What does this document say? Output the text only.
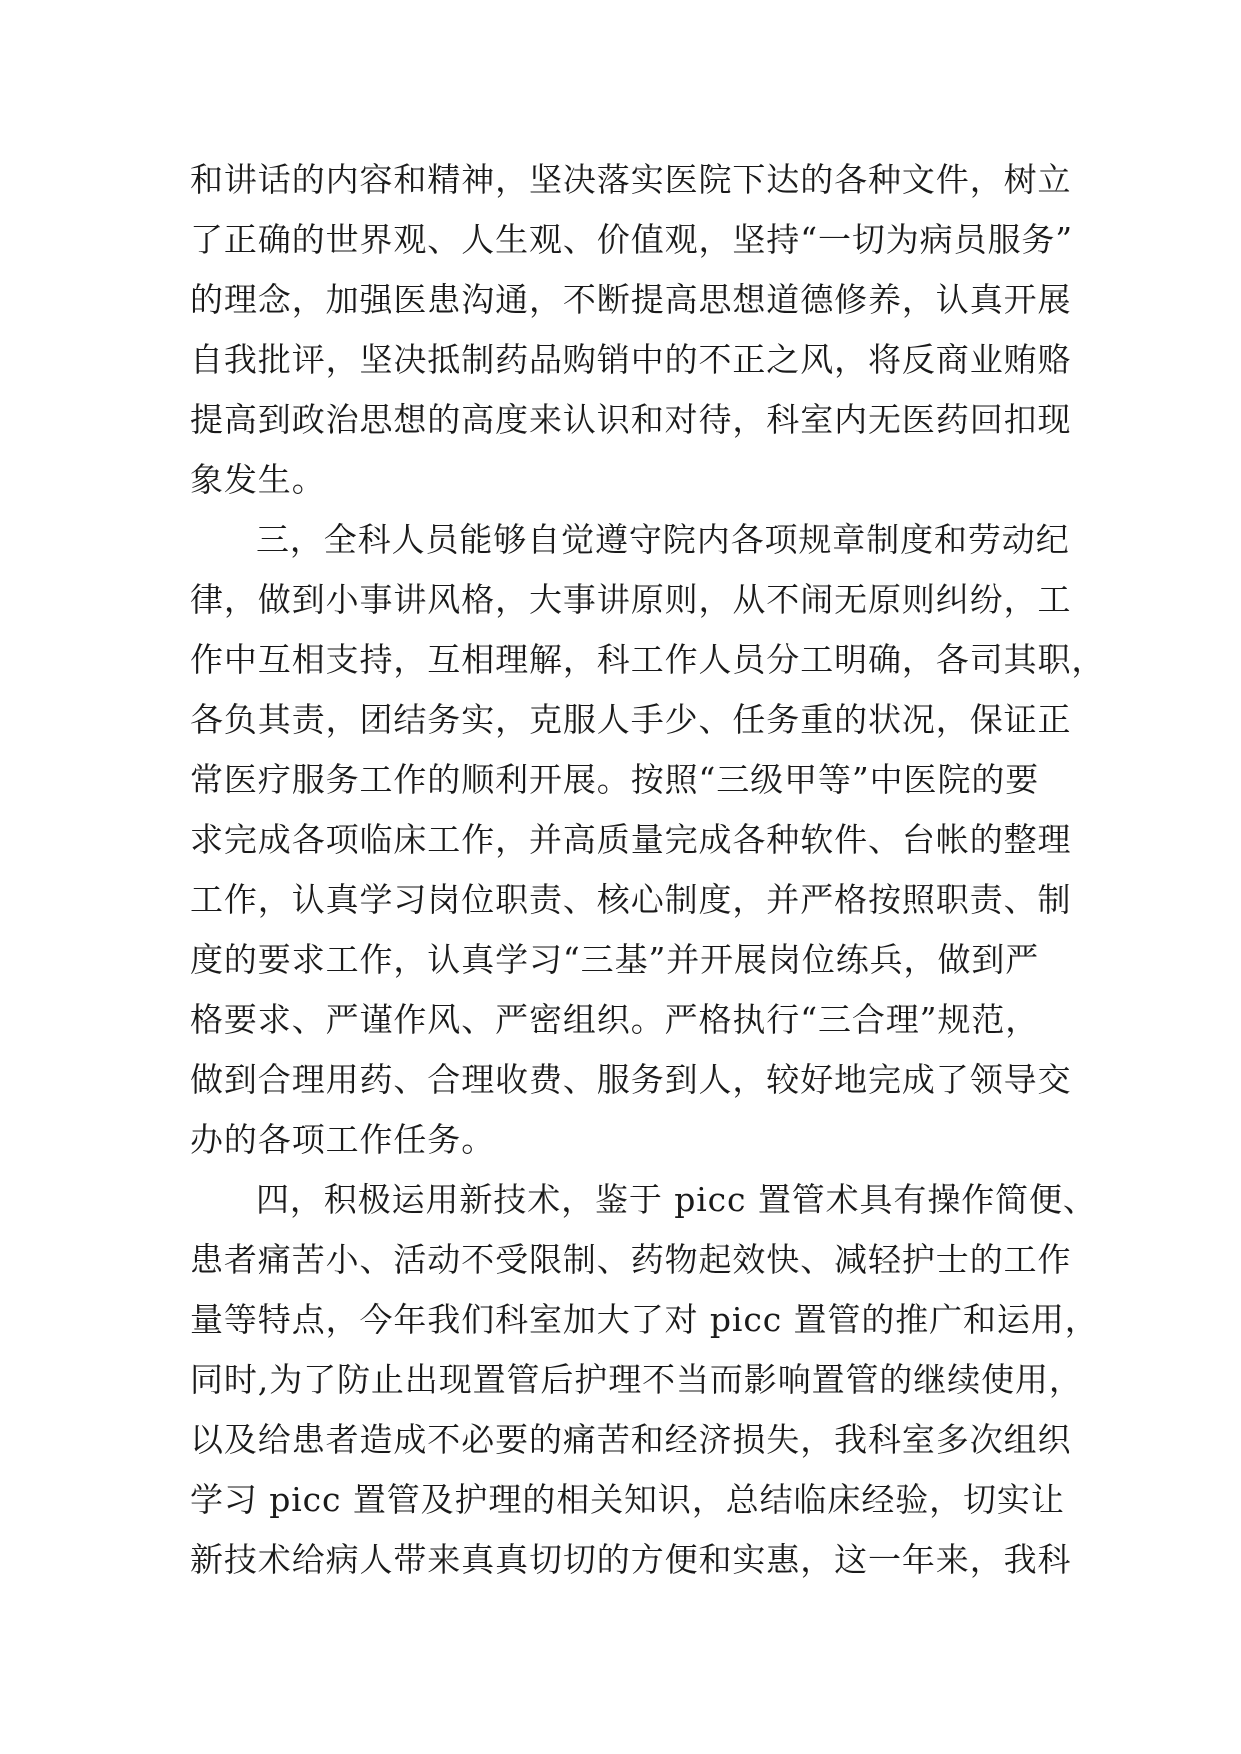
和讲话的内容和精神，坚决落实医院下达的各种文件，树立
了正确的世界观、人生观、价值观，坚持“一切为病员服务”
的理念，加强医患沟通，不断提高思想道德修养，认真开展
自我批评，坚决抵制药品购销中的不正之风，将反商业贿赂
提高到政治思想的高度来认识和对待，科室内无医药回扣现
象发生。
三，全科人员能够自觉遵守院内各项规章制度和劳动纪
律，做到小事讲风格，大事讲原则，从不闹无原则纠纷，工
作中互相支持，互相理解，科工作人员分工明确，各司其职，
各负其责，团结务实，克服人手少、任务重的状况，保证正
常医疗服务工作的顺利开展。按照“三级甲等”中医院的要
求完成各项临床工作，并高质量完成各种软件、台帐的整理
工作，认真学习岗位职责、核心制度，并严格按照职责、制
度的要求工作，认真学习“三基”并开展岗位练兵，做到严
格要求、严谨作风、严密组织。严格执行“三合理”规范，
做到合理用药、合理收费、服务到人，较好地完成了领导交
办的各项工作任务。
四，积极运用新技术，鉴于 picc 置管术具有操作简便、
患者痛苦小、活动不受限制、药物起效快、减轻护士的工作
量等特点，今年我们科室加大了对 picc 置管的推广和运用，
同时,为了防止出现置管后护理不当而影响置管的继续使用，
以及给患者造成不必要的痛苦和经济损失，我科室多次组织
学习 picc 置管及护理的相关知识，总结临床经验，切实让
新技术给病人带来真真切切的方便和实惠，这一年来，我科
